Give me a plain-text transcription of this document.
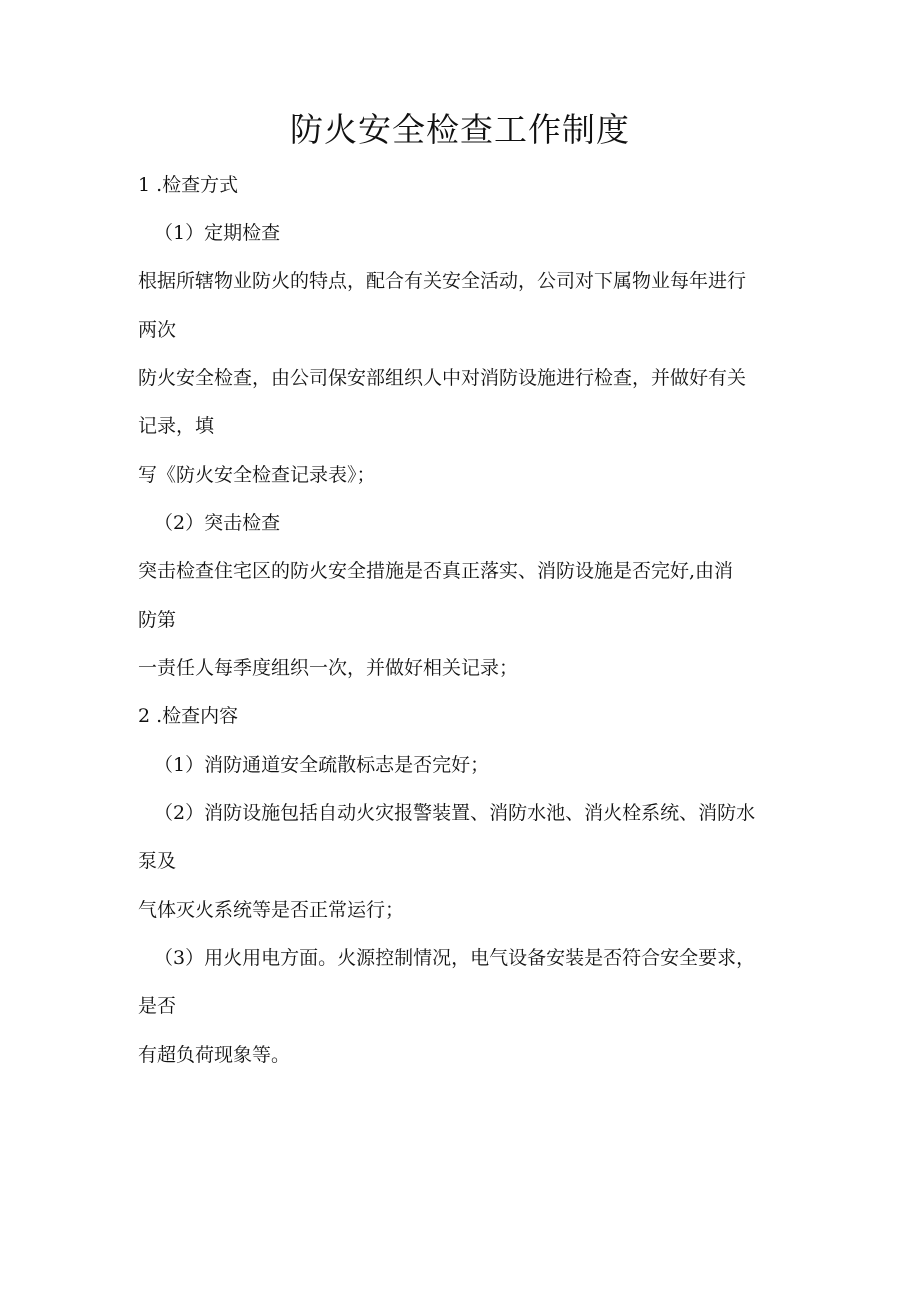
防火安全检查工作制度

1 .检查方式

（1）定期检查

根据所辖物业防火的特点，配合有关安全活动，公司对下属物业每年进行

两次

防火安全检查，由公司保安部组织人中对消防设施进行检查，并做好有关

记录，填

写《防火安全检查记录表》；

（2）突击检查

突击检查住宅区的防火安全措施是否真正落实、消防设施是否完好,由消

防第

一责任人每季度组织一次，并做好相关记录；

2 .检查内容

（1）消防通道安全疏散标志是否完好；

（2）消防设施包括自动火灾报警装置、消防水池、消火栓系统、消防水

泵及

气体灭火系统等是否正常运行；

（3）用火用电方面。火源控制情况，电气设备安装是否符合安全要求，

是否

有超负荷现象等。
